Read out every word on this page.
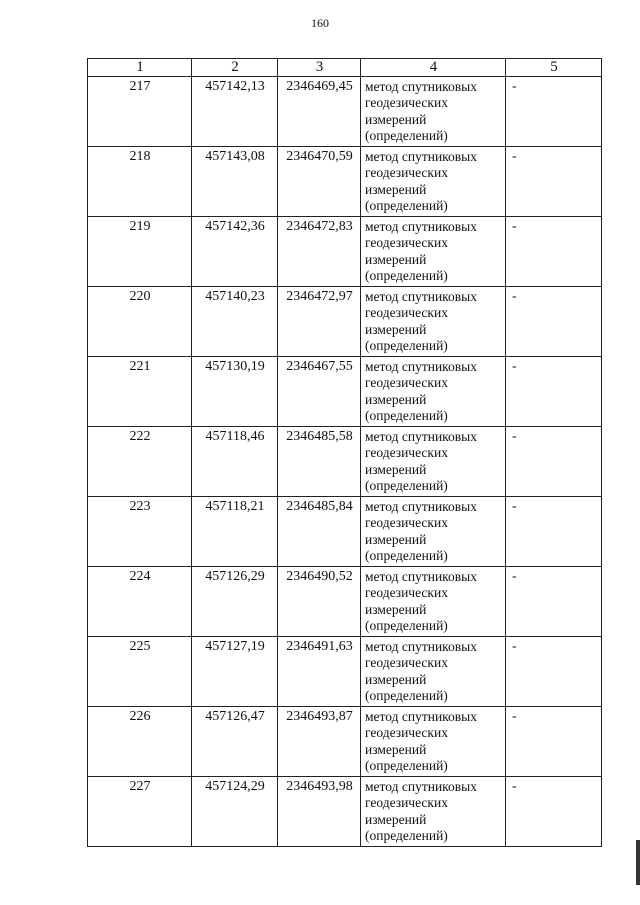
160
1	2	3	4	5
217	457142,13	2346469,45	метод спутниковых
геодезических
измерений
(определений)	-
218	457143,08	2346470,59	метод спутниковых
геодезических
измерений
(определений)	-
219	457142,36	2346472,83	метод спутниковых
геодезических
измерений
(определений)	-
220	457140,23	2346472,97	метод спутниковых
геодезических
измерений
(определений)	-
221	457130,19	2346467,55	метод спутниковых
геодезических
измерений
(определений)	-
222	457118,46	2346485,58	метод спутниковых
геодезических
измерений
(определений)	-
223	457118,21	2346485,84	метод спутниковых
геодезических
измерений
(определений)	-
224	457126,29	2346490,52	метод спутниковых
геодезических
измерений
(определений)	-
225	457127,19	2346491,63	метод спутниковых
геодезических
измерений
(определений)	-
226	457126,47	2346493,87	метод спутниковых
геодезических
измерений
(определений)	-
227	457124,29	2346493,98	метод спутниковых
геодезических
измерений
(определений)	-
